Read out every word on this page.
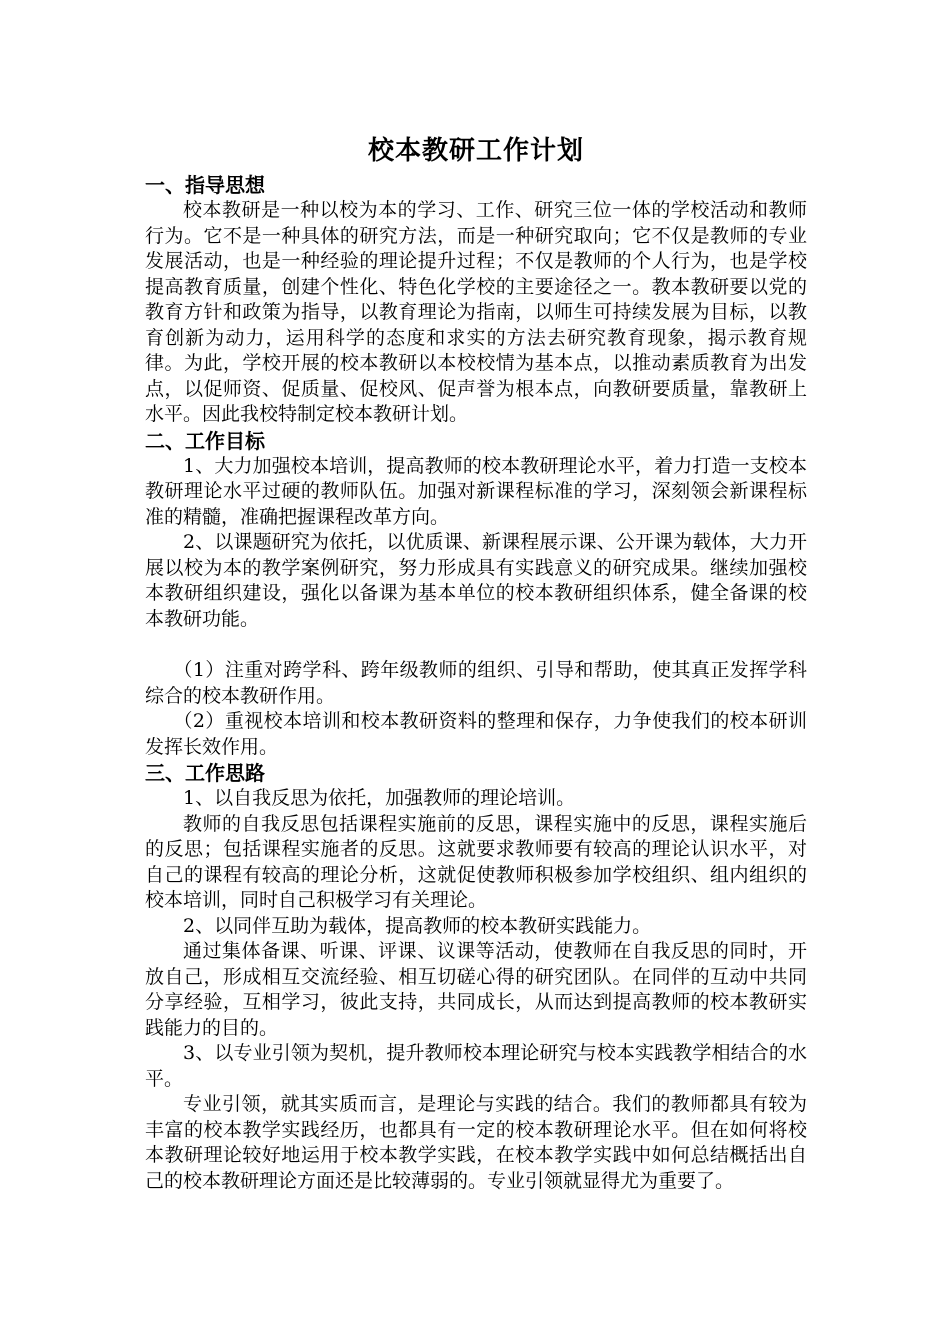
校本教研工作计划
一、指导思想

校本教研是一种以校为本的学习、工作、研究三位一体的学校活动和教师行为。它不是一种具体的研究方法，而是一种研究取向；它不仅是教师的专业发展活动，也是一种经验的理论提升过程；不仅是教师的个人行为，也是学校提高教育质量，创建个性化、特色化学校的主要途径之一。教本教研要以党的教育方针和政策为指导，以教育理论为指南，以师生可持续发展为目标，以教育创新为动力，运用科学的态度和求实的方法去研究教育现象，揭示教育规律。为此，学校开展的校本教研以本校校情为基本点，以推动素质教育为出发点，以促师资、促质量、促校风、促声誉为根本点，向教研要质量，靠教研上水平。因此我校特制定校本教研计划。

二、工作目标

1、大力加强校本培训，提高教师的校本教研理论水平，着力打造一支校本教研理论水平过硬的教师队伍。加强对新课程标准的学习，深刻领会新课程标准的精髓，准确把握课程改革方向。

2、以课题研究为依托，以优质课、新课程展示课、公开课为载体，大力开展以校为本的教学案例研究，努力形成具有实践意义的研究成果。继续加强校本教研组织建设，强化以备课为基本单位的校本教研组织体系，健全备课的校本教研功能。

（1）注重对跨学科、跨年级教师的组织、引导和帮助，使其真正发挥学科综合的校本教研作用。

（2）重视校本培训和校本教研资料的整理和保存，力争使我们的校本研训发挥长效作用。

三、工作思路

1、以自我反思为依托，加强教师的理论培训。

教师的自我反思包括课程实施前的反思，课程实施中的反思，课程实施后的反思；包括课程实施者的反思。这就要求教师要有较高的理论认识水平，对自己的课程有较高的理论分析，这就促使教师积极参加学校组织、组内组织的校本培训，同时自己积极学习有关理论。

2、以同伴互助为载体，提高教师的校本教研实践能力。

通过集体备课、听课、评课、议课等活动，使教师在自我反思的同时，开放自己，形成相互交流经验、相互切磋心得的研究团队。在同伴的互动中共同分享经验，互相学习，彼此支持，共同成长，从而达到提高教师的校本教研实践能力的目的。

3、以专业引领为契机，提升教师校本理论研究与校本实践教学相结合的水平。

专业引领，就其实质而言，是理论与实践的结合。我们的教师都具有较为丰富的校本教学实践经历，也都具有一定的校本教研理论水平。但在如何将校本教研理论较好地运用于校本教学实践，在校本教学实践中如何总结概括出自己的校本教研理论方面还是比较薄弱的。专业引领就显得尤为重要了。
